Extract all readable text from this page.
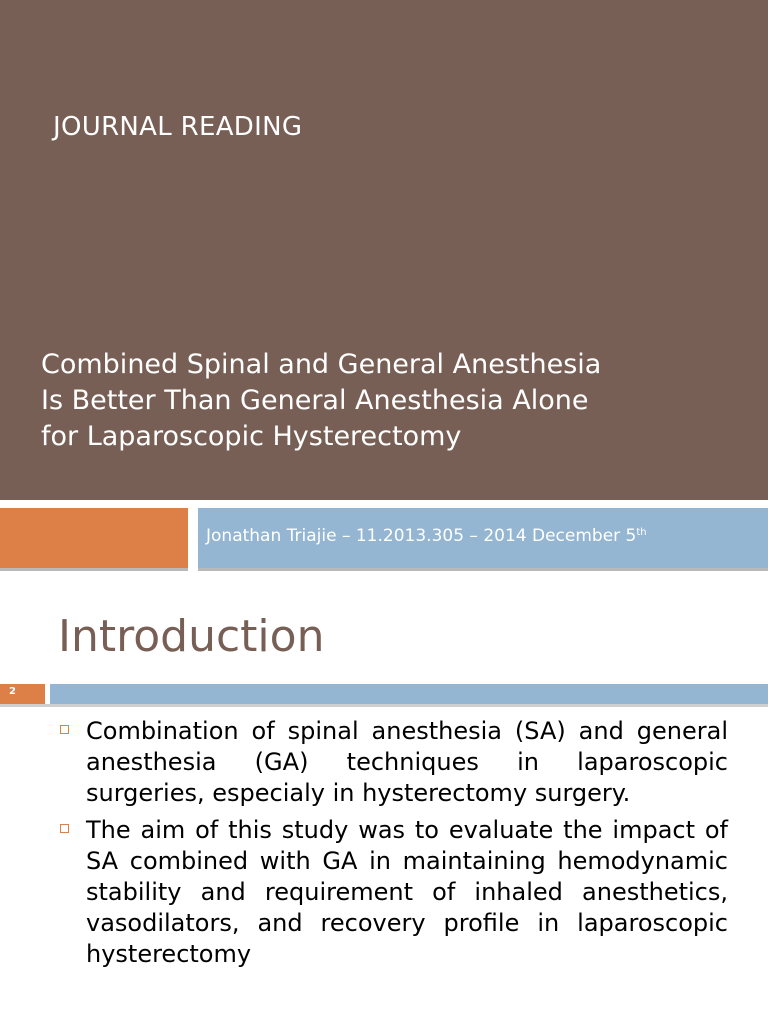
JOURNAL READING
Combined Spinal and General Anesthesia
Is Better Than General Anesthesia Alone
for Laparoscopic Hysterectomy
Jonathan Triajie – 11.2013.305 – 2014 December 5th
Introduction
2
Combination of spinal anesthesia (SA) and general anesthesia (GA) techniques in laparoscopic surgeries, especialy in hysterectomy surgery.
The aim of this study was to evaluate the impact of SA combined with GA in maintaining hemodynamic stability and requirement of inhaled anesthetics, vasodilators, and recovery profile in laparoscopic hysterectomy
